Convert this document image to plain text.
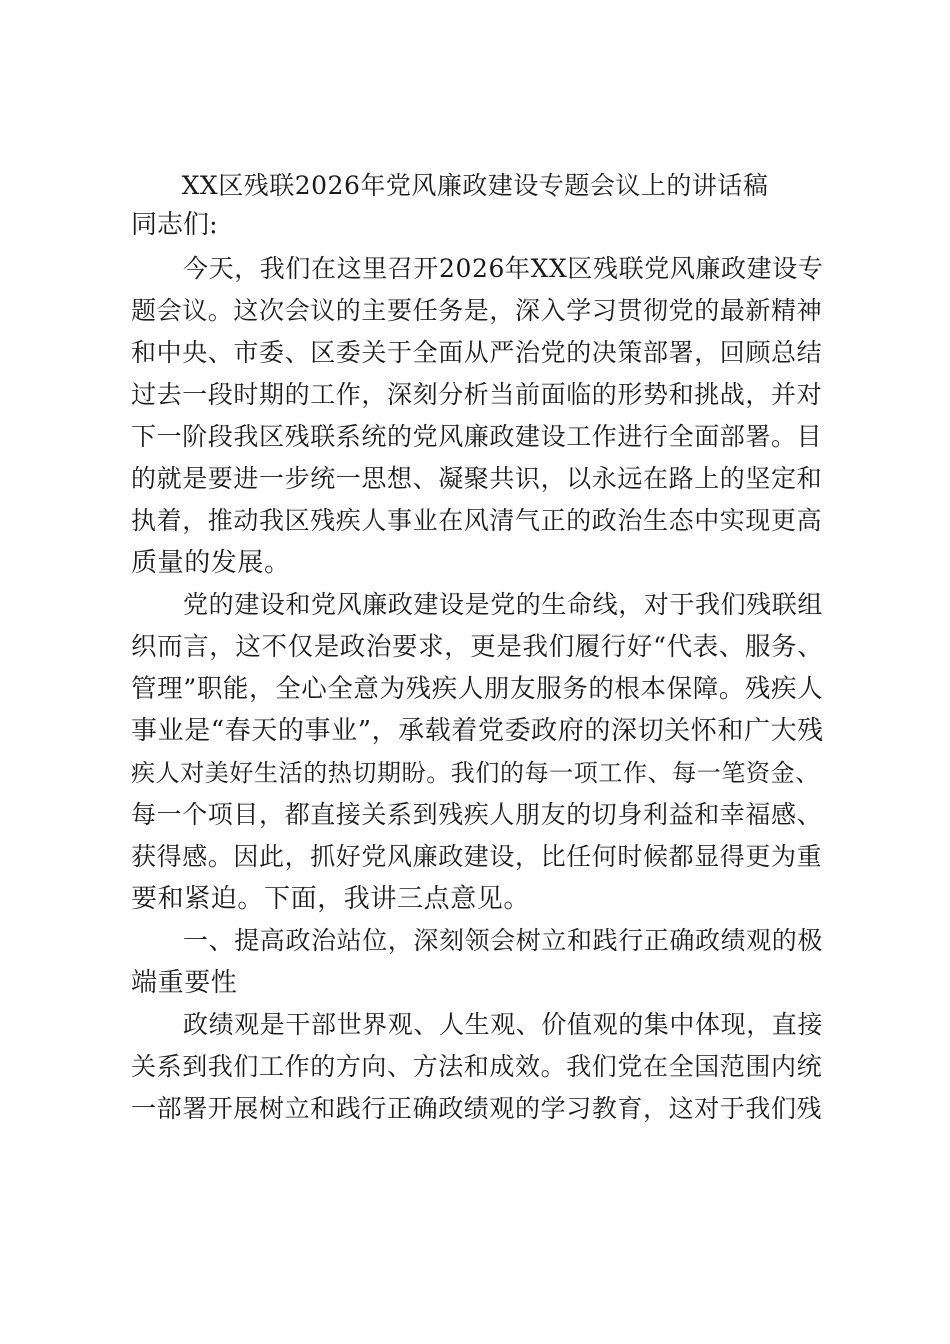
XX区残联2026年党风廉政建设专题会议上的讲话稿
同志们:
今天，我们在这里召开2026年XX区残联党风廉政建设专
题会议。这次会议的主要任务是，深入学习贯彻党的最新精神
和中央、市委、区委关于全面从严治党的决策部署，回顾总结
过去一段时期的工作，深刻分析当前面临的形势和挑战，并对
下一阶段我区残联系统的党风廉政建设工作进行全面部署。目
的就是要进一步统一思想、凝聚共识，以永远在路上的坚定和
执着，推动我区残疾人事业在风清气正的政治生态中实现更高
质量的发展。
党的建设和党风廉政建设是党的生命线，对于我们残联组
织而言，这不仅是政治要求，更是我们履行好“代表、服务、
管理”职能，全心全意为残疾人朋友服务的根本保障。残疾人
事业是“春天的事业”，承载着党委政府的深切关怀和广大残
疾人对美好生活的热切期盼。我们的每一项工作、每一笔资金、
每一个项目，都直接关系到残疾人朋友的切身利益和幸福感、
获得感。因此，抓好党风廉政建设，比任何时候都显得更为重
要和紧迫。下面，我讲三点意见。
一、提高政治站位，深刻领会树立和践行正确政绩观的极
端重要性
政绩观是干部世界观、人生观、价值观的集中体现，直接
关系到我们工作的方向、方法和成效。我们党在全国范围内统
一部署开展树立和践行正确政绩观的学习教育，这对于我们残
